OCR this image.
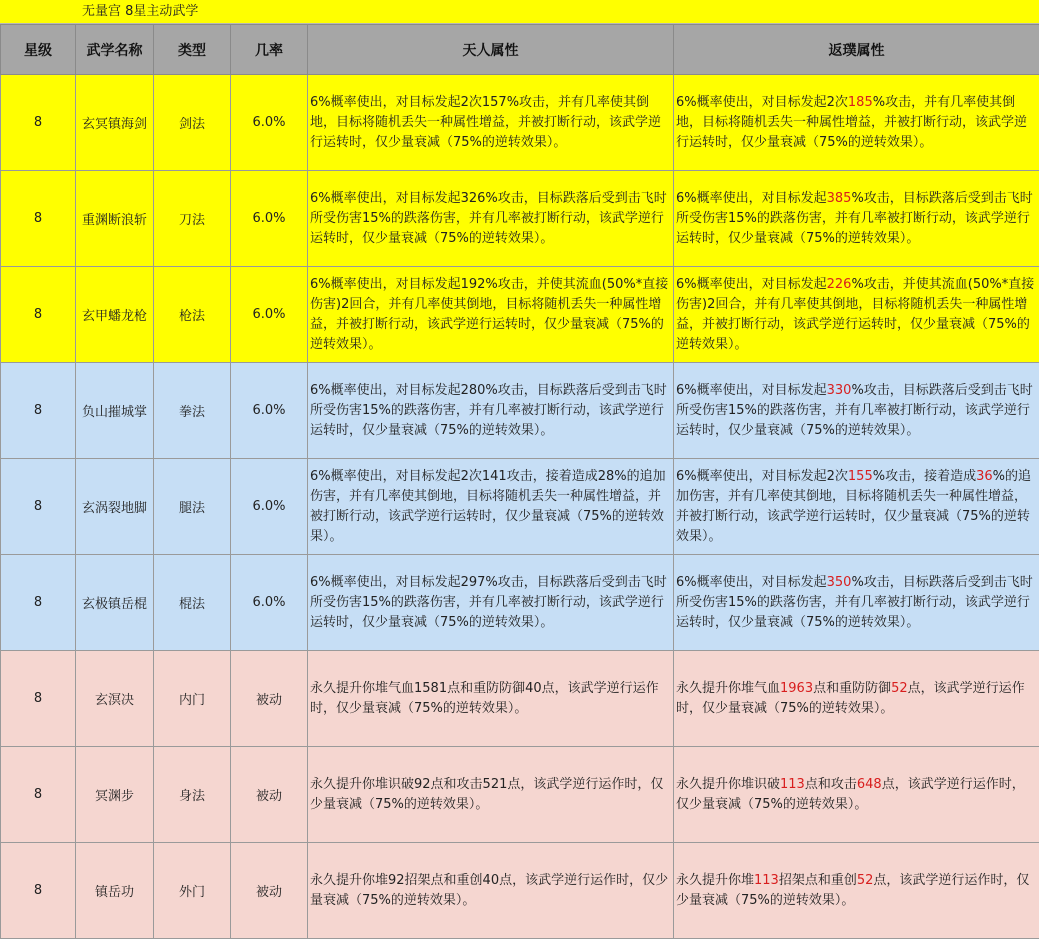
无量宫 8星主动武学
星级	武学名称	类型	几率	天人属性	返璞属性
8	玄冥镇海剑	剑法	6.0%	6%概率使出，对目标发起2次157%攻击，并有几率使其倒地，目标将随机丢失一种属性增益，并被打断行动，该武学逆行运转时，仅少量衰减（75%的逆转效果）。	6%概率使出，对目标发起2次185%攻击，并有几率使其倒地，目标将随机丢失一种属性增益，并被打断行动，该武学逆行运转时，仅少量衰减（75%的逆转效果）。
8	重渊断浪斩	刀法	6.0%	6%概率使出，对目标发起326%攻击，目标跌落后受到击飞时所受伤害15%的跌落伤害，并有几率被打断行动，该武学逆行运转时，仅少量衰减（75%的逆转效果）。	6%概率使出，对目标发起385%攻击，目标跌落后受到击飞时所受伤害15%的跌落伤害，并有几率被打断行动，该武学逆行运转时，仅少量衰减（75%的逆转效果）。
8	玄甲蟠龙枪	枪法	6.0%	6%概率使出，对目标发起192%攻击，并使其流血(50%*直接伤害)2回合，并有几率使其倒地，目标将随机丢失一种属性增益，并被打断行动，该武学逆行运转时，仅少量衰减（75%的逆转效果）。	6%概率使出，对目标发起226%攻击，并使其流血(50%*直接伤害)2回合，并有几率使其倒地，目标将随机丢失一种属性增益，并被打断行动，该武学逆行运转时，仅少量衰减（75%的逆转效果）。
8	负山摧城掌	拳法	6.0%	6%概率使出，对目标发起280%攻击，目标跌落后受到击飞时所受伤害15%的跌落伤害，并有几率被打断行动，该武学逆行运转时，仅少量衰减（75%的逆转效果）。	6%概率使出，对目标发起330%攻击，目标跌落后受到击飞时所受伤害15%的跌落伤害，并有几率被打断行动，该武学逆行运转时，仅少量衰减（75%的逆转效果）。
8	玄涡裂地脚	腿法	6.0%	6%概率使出，对目标发起2次141攻击，接着造成28%的追加伤害，并有几率使其倒地，目标将随机丢失一种属性增益，并被打断行动，该武学逆行运转时，仅少量衰减（75%的逆转效果）。	6%概率使出，对目标发起2次155%攻击，接着造成36%的追加伤害，并有几率使其倒地，目标将随机丢失一种属性增益，并被打断行动，该武学逆行运转时，仅少量衰减（75%的逆转效果）。
8	玄极镇岳棍	棍法	6.0%	6%概率使出，对目标发起297%攻击，目标跌落后受到击飞时所受伤害15%的跌落伤害，并有几率被打断行动，该武学逆行运转时，仅少量衰减（75%的逆转效果）。	6%概率使出，对目标发起350%攻击，目标跌落后受到击飞时所受伤害15%的跌落伤害，并有几率被打断行动，该武学逆行运转时，仅少量衰减（75%的逆转效果）。
8	玄溟决	内门	被动	永久提升你堆气血1581点和重防防御40点，该武学逆行运作时，仅少量衰减（75%的逆转效果）。	永久提升你堆气血1963点和重防防御52点，该武学逆行运作时，仅少量衰减（75%的逆转效果）。
8	冥渊步	身法	被动	永久提升你堆识破92点和攻击521点，该武学逆行运作时，仅少量衰减（75%的逆转效果）。	永久提升你堆识破113点和攻击648点，该武学逆行运作时，仅少量衰减（75%的逆转效果）。
8	镇岳功	外门	被动	永久提升你堆92招架点和重创40点，该武学逆行运作时，仅少量衰减（75%的逆转效果）。	永久提升你堆113招架点和重创52点，该武学逆行运作时，仅少量衰减（75%的逆转效果）。
